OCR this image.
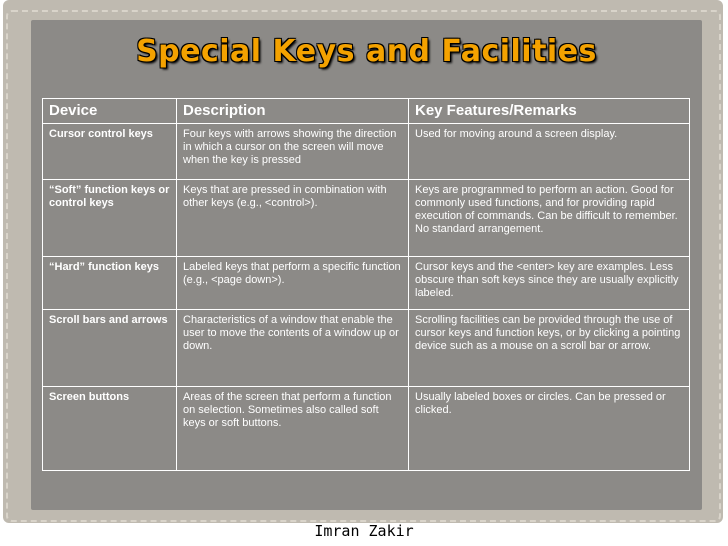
Special Keys and Facilities
Device	Description	Key Features/Remarks
Cursor control keys	Four keys with arrows showing the direction in which a cursor on the screen will move when the key is pressed	Used for moving around a screen display.
“Soft” function keys or control keys	Keys that are pressed in combination with other keys (e.g., <control>).	Keys are programmed to perform an action. Good for commonly used functions, and for providing rapid execution of commands. Can be difficult to remember. No standard arrangement.
“Hard” function keys	Labeled keys that perform a specific function (e.g., <page down>).	Cursor keys and the <enter> key are examples. Less obscure than soft keys since they are usually explicitly labeled.
Scroll bars and arrows	Characteristics of a window that enable the user to move the contents of a window up or down.	Scrolling facilities can be provided through the use of cursor keys and function keys, or by clicking a pointing device such as a mouse on a scroll bar or arrow.
Screen buttons	Areas of the screen that perform a function on selection. Sometimes also called soft keys or soft buttons.	Usually labeled boxes or circles. Can be pressed or clicked.
Imran Zakir
